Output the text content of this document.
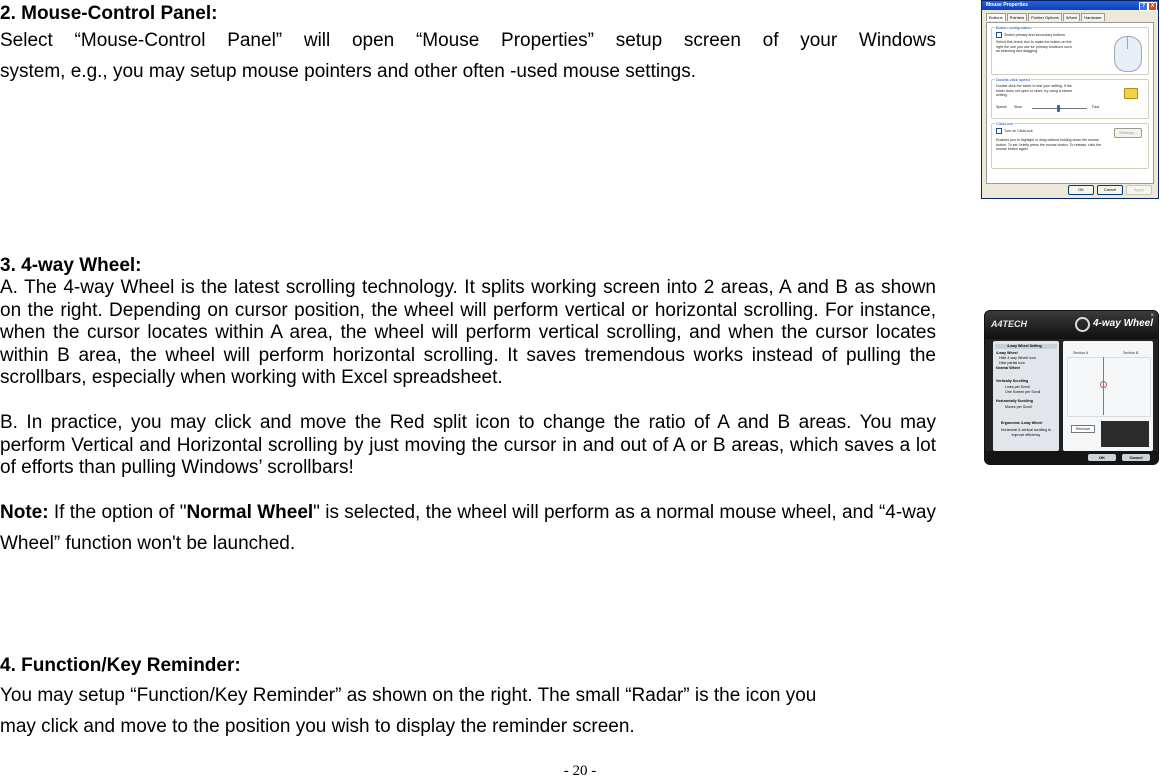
2. Mouse-Control Panel:

Select “Mouse-Control Panel” will open “Mouse Properties” setup screen of your Windows

system, e.g., you may setup mouse pointers and other often -used mouse settings.

Mouse Properties	?	X
Buttons	Pointers	Pointer Options	Wheel	Hardware
Button configuration
Switch primary and secondary buttons
Select this check box to make the button on the
right the one you use for primary functions such
as selecting and dragging.
Double-click speed
Double-click the folder to test your setting. If the
folder does not open or close, try using a slower
setting.
Speed: Slow	Fast
ClickLock
Turn on ClickLock	Settings...
Enables you to highlight or drag without holding down the mouse
button. To set, briefly press the mouse button. To release, click the
mouse button again.
OK	Cancel	Apply

3. 4-way Wheel:

A. The 4-way Wheel is the latest scrolling technology. It splits working screen into 2 areas, A and B as shown on the right. Depending on cursor position, the wheel will perform vertical or horizontal scrolling. For instance, when the cursor locates within A area, the wheel will perform vertical scrolling, and when the cursor locates within B area, the wheel will perform horizontal scrolling. It saves tremendous works instead of pulling the scrollbars, especially when working with Excel spreadsheet.

B. In practice, you may click and move the Red split icon to change the ratio of A and B areas. You may perform Vertical and Horizontal scrolling by just moving the cursor in and out of A or B areas, which saves a lot of efforts than pulling Windows’ scrollbars!

Note: If the option of "Normal Wheel" is selected, the wheel will perform as a normal mouse wheel, and “4-way Wheel” function won't be launched.

A4TECH	4-way Wheel
×
4-way Wheel Setting
4-way Wheel
Hide 4-way Wheel icon
Hide partial icon
Normal Wheel
Vertically Scrolling
Lines per Scroll
One Screen per Scroll
Horizontally Scrolling
Moves per Scroll
Ergonomic 4-way Wheel
Horizontal & vertical scrolling to improve efficiency
Section A	Section B
Red icon
OK	Cancel

4. Function/Key Reminder:

You may setup “Function/Key Reminder” as shown on the right. The small “Radar” is the icon you

may click and move to the position you wish to display the reminder screen.

- 20 -
